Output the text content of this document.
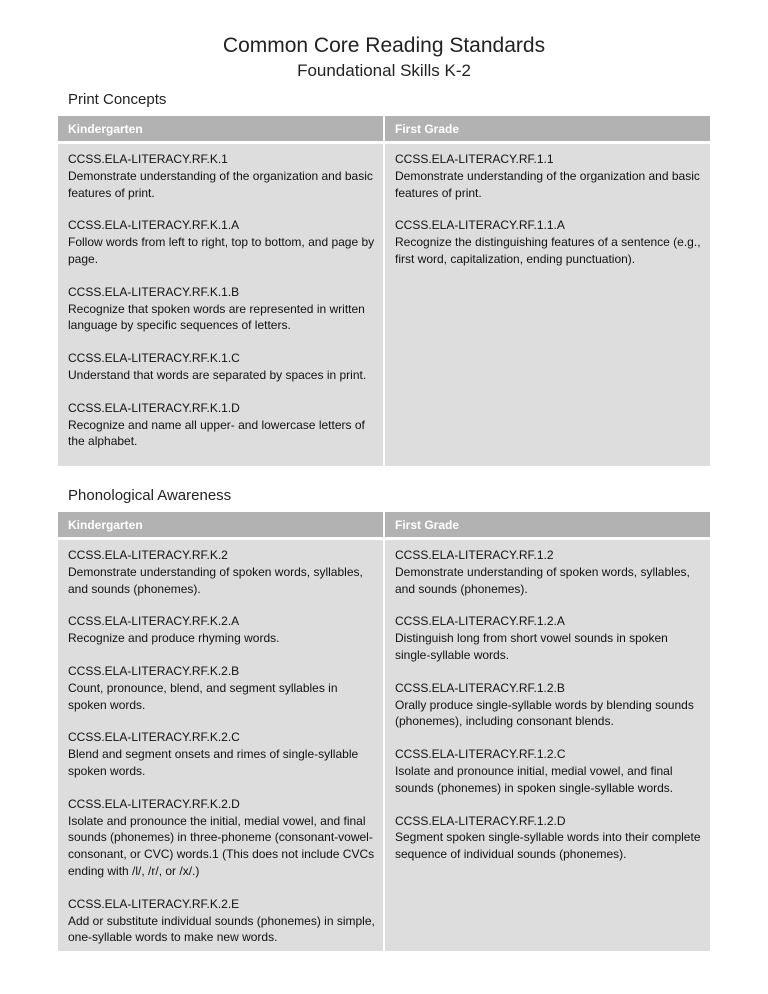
Common Core Reading Standards
Foundational Skills K-2
Print Concepts
Kindergarten	First Grade
CCSS.ELA-LITERACY.RF.K.1
Demonstrate understanding of the organization and basic features of print.
CCSS.ELA-LITERACY.RF.K.1.A
Follow words from left to right, top to bottom, and page by page.
CCSS.ELA-LITERACY.RF.K.1.B
Recognize that spoken words are represented in written language by specific sequences of letters.
CCSS.ELA-LITERACY.RF.K.1.C
Understand that words are separated by spaces in print.
CCSS.ELA-LITERACY.RF.K.1.D
Recognize and name all upper- and lowercase letters of the alphabet.
CCSS.ELA-LITERACY.RF.1.1
Demonstrate understanding of the organization and basic features of print.
CCSS.ELA-LITERACY.RF.1.1.A
Recognize the distinguishing features of a sentence (e.g., first word, capitalization, ending punctuation).
Phonological Awareness
Kindergarten	First Grade
CCSS.ELA-LITERACY.RF.K.2
Demonstrate understanding of spoken words, syllables, and sounds (phonemes).
CCSS.ELA-LITERACY.RF.K.2.A
Recognize and produce rhyming words.
CCSS.ELA-LITERACY.RF.K.2.B
Count, pronounce, blend, and segment syllables in spoken words.
CCSS.ELA-LITERACY.RF.K.2.C
Blend and segment onsets and rimes of single-syllable spoken words.
CCSS.ELA-LITERACY.RF.K.2.D
Isolate and pronounce the initial, medial vowel, and final sounds (phonemes) in three-phoneme (consonant-vowel-consonant, or CVC) words.1 (This does not include CVCs ending with /l/, /r/, or /x/.)
CCSS.ELA-LITERACY.RF.K.2.E
Add or substitute individual sounds (phonemes) in simple, one-syllable words to make new words.
CCSS.ELA-LITERACY.RF.1.2
Demonstrate understanding of spoken words, syllables, and sounds (phonemes).
CCSS.ELA-LITERACY.RF.1.2.A
Distinguish long from short vowel sounds in spoken single-syllable words.
CCSS.ELA-LITERACY.RF.1.2.B
Orally produce single-syllable words by blending sounds (phonemes), including consonant blends.
CCSS.ELA-LITERACY.RF.1.2.C
Isolate and pronounce initial, medial vowel, and final sounds (phonemes) in spoken single-syllable words.
CCSS.ELA-LITERACY.RF.1.2.D
Segment spoken single-syllable words into their complete sequence of individual sounds (phonemes).
